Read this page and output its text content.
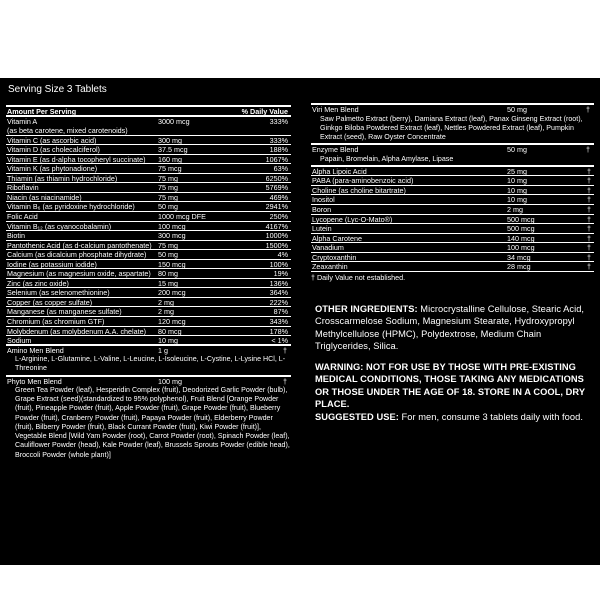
Serving Size 3 Tablets
Amount Per Serving	% Daily Value
Vitamin A	3000 mcg	333%
(as beta carotene, mixed carotenoids)
Vitamin C (as ascorbic acid)	300 mg	333%
Vitamin D (as cholecalciferol)	37.5 mcg	188%
Vitamin E (as d-alpha tocopheryl succinate) 160 mg	1067%
Vitamin K (as phytonadione)	75 mcg	63%
Thiamin (as thiamin hydrochloride)	75 mg	6250%
Riboflavin	75 mg	5769%
Niacin (as niacinamide)	75 mg	469%
Vitamin B₆ (as pyridoxine hydrochloride)	50 mg	2941%
Folic Acid	1000 mcg DFE	250%
Vitamin B₁₂ (as cyanocobalamin)	100 mcg	4167%
Biotin	300 mcg	1000%
Pantothenic Acid (as d-calcium pantothenate) 75 mg	1500%
Calcium (as dicalcium phosphate dihydrate) 50 mg	4%
Iodine (as potassium iodide)	150 mcg	100%
Magnesium (as magnesium oxide, aspartate) 80 mg	19%
Zinc (as zinc oxide)	15 mg	136%
Selenium (as selenomethionine)	200 mcg	364%
Copper (as copper sulfate)	2 mg	222%
Manganese (as manganese sulfate)	2 mg	87%
Chromium (as chromium GTF)	120 mcg	343%
Molybdenum (as molybdenum A.A. chelate) 80 mcg	178%
Sodium	10 mg	< 1%
Amino Men Blend	1 g	†
L-Arginine, L-Glutamine, L-Valine, L-Leucine, L-Isoleucine, L-Cystine, L-Lysine HCl, L-Threonine
Phyto Men Blend	100 mg	†
Green Tea Powder (leaf), Hesperidin Complex (fruit), Deodorized Garlic Powder (bulb), Grape Extract (seed)(standardized to 95% polyphenol), Fruit Blend [Orange Powder (fruit), Pineapple Powder (fruit), Apple Powder (fruit), Grape Powder (fruit), Blueberry Powder (fruit), Cranberry Powder (fruit), Papaya Powder (fruit), Elderberry Powder (fruit), Bilberry Powder (fruit), Black Currant Powder (fruit), Kiwi Powder (fruit)], Vegetable Blend [Wild Yam Powder (root), Carrot Powder (root), Spinach Powder (leaf), Cauliflower Powder (head), Kale Powder (leaf), Brussels Sprouts Powder (edible head), Broccoli Powder (whole plant)]
Viri Men Blend	50 mg	†
Saw Palmetto Extract (berry), Damiana Extract (leaf), Panax Ginseng Extract (root), Ginkgo Biloba Powdered Extract (leaf), Nettles Powdered Extract (leaf), Pumpkin Extract (seed), Raw Oyster Concentrate
Enzyme Blend	50 mg	†
Papain, Bromelain, Alpha Amylase, Lipase
Alpha Lipoic Acid	25 mg	†
PABA (para-aminobenzoic acid)	10 mg	†
Choline (as choline bitartrate)	10 mg	†
Inositol	10 mg	†
Boron	2 mg	†
Lycopene (Lyc-O-Mato®)	500 mcg	†
Lutein	500 mcg	†
Alpha Carotene	140 mcg	†
Vanadium	100 mcg	†
Cryptoxanthin	34 mcg	†
Zeaxanthin	28 mcg	†
† Daily Value not established.
OTHER INGREDIENTS: Microcrystalline Cellulose, Stearic Acid, Crosscarmelose Sodium, Magnesium Stearate, Hydroxypropyl Methylcellulose (HPMC), Polydextrose, Medium Chain Triglycerides, Silica.
WARNING: NOT FOR USE BY THOSE WITH PRE-EXISTING MEDICAL CONDITIONS, THOSE TAKING ANY MEDICATIONS OR THOSE UNDER THE AGE OF 18. STORE IN A COOL, DRY PLACE.
SUGGESTED USE: For men, consume 3 tablets daily with food.
